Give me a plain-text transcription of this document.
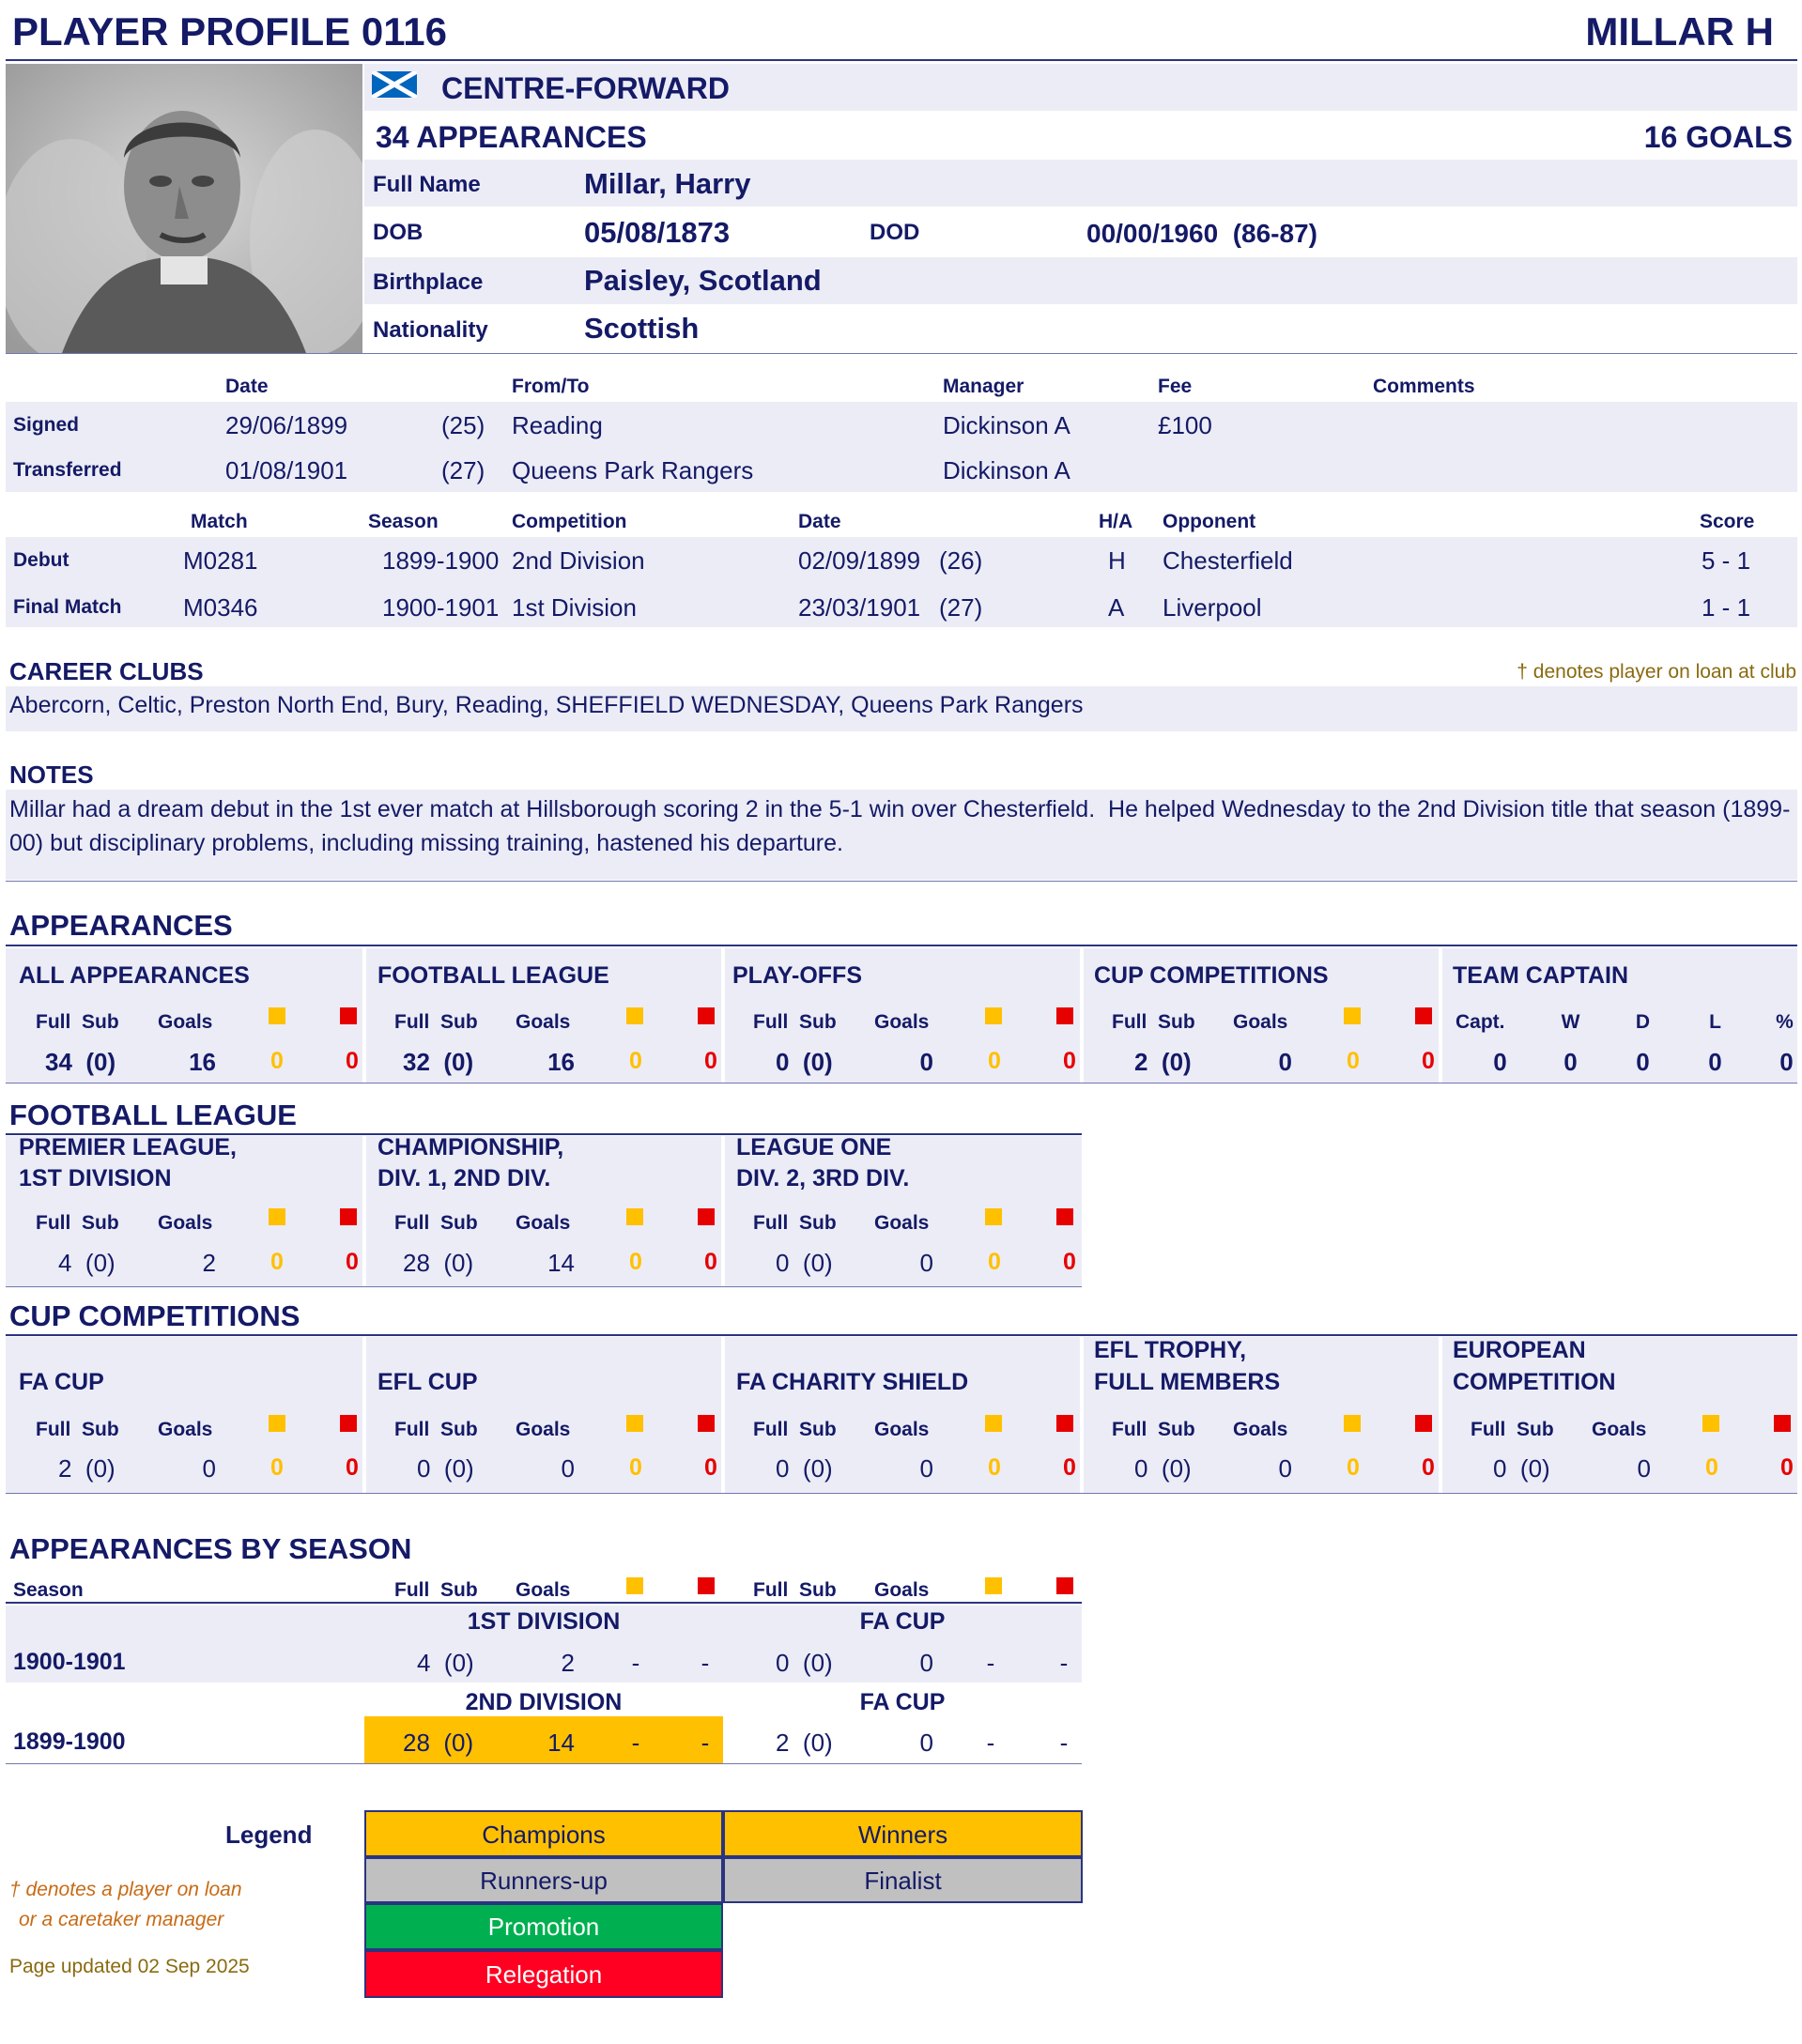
PLAYER PROFILE 0116	MILLAR H
CENTRE-FORWARD
34 APPEARANCES	16 GOALS
Full Name	Millar, Harry
DOB	05/08/1873	DOD	00/00/1960  (86-87)
Birthplace	Paisley, Scotland
Nationality	Scottish
Date	From/To	Manager	Fee	Comments
Signed	29/06/1899	(25) Reading	Dickinson A	£100
Transferred	01/08/1901	(27) Queens Park Rangers	Dickinson A
Match	Season	Competition	Date	H/A Opponent	Score
Debut	M0281	1899-1900 2nd Division	02/09/1899 (26)	H Chesterfield	5 - 1
Final Match	M0346	1900-1901 1st Division	23/03/1901 (27)	A Liverpool	1 - 1
CAREER CLUBS	† denotes player on loan at club
Abercorn, Celtic, Preston North End, Bury, Reading, SHEFFIELD WEDNESDAY, Queens Park Rangers
NOTES
Millar had a dream debut in the 1st ever match at Hillsborough scoring 2 in the 5-1 win over Chesterfield.  He helped Wednesday to the 2nd Division title that season (1899-
00) but disciplinary problems, including missing training, hastened his departure.
APPEARANCES
ALL APPEARANCES
Full  Sub Goals
34  (0)	16	0	0
FOOTBALL LEAGUE
Full  Sub Goals
32  (0)	16	0	0
PLAY-OFFS
Full  Sub Goals
0  (0)	0	0	0
CUP COMPETITIONS
Full  Sub Goals
2  (0)	0	0	0
TEAM CAPTAIN
Capt.	W	D	L	%
0	0	0	0	0
FOOTBALL LEAGUE
PREMIER LEAGUE,
1ST DIVISION
Full  Sub Goals
4  (0)	2	0	0
CHAMPIONSHIP,
DIV. 1, 2ND DIV.
Full  Sub Goals
28  (0)	14	0	0
LEAGUE ONE
DIV. 2, 3RD DIV.
Full  Sub Goals
0  (0)	0	0	0
CUP COMPETITIONS
FA CUP
Full  Sub Goals
2  (0)	0	0	0
EFL CUP
Full  Sub Goals
0  (0)	0	0	0
FA CHARITY SHIELD
Full  Sub Goals
0  (0)	0	0	0
EFL TROPHY,
FULL MEMBERS
Full  Sub Goals
0  (0)	0	0	0
EUROPEAN
COMPETITION
Full  Sub Goals
0  (0)	0	0	0
APPEARANCES BY SEASON
Season	Full  Sub Goals	Full  Sub Goals
1ST DIVISION	FA CUP
1900-1901	4  (0)	2	-	-	0  (0)	0	-	-
2ND DIVISION	FA CUP
1899-1900	28  (0)	14	-	-	2  (0)	0	-	-
Legend	Champions	Winners
Runners-up	Finalist
Promotion
Relegation
† denotes a player on loan
or a caretaker manager
Page updated 02 Sep 2025
